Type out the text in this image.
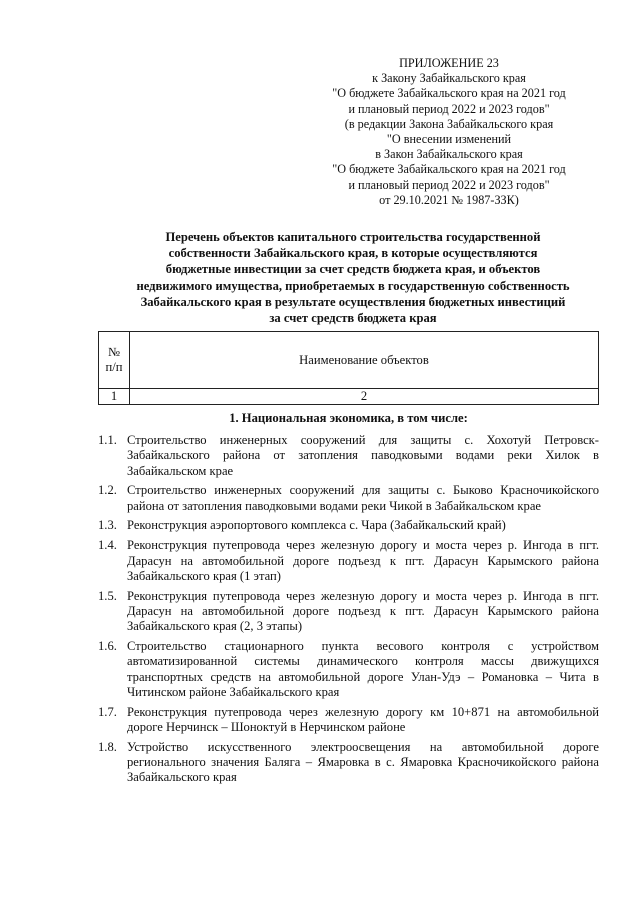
ПРИЛОЖЕНИЕ 23
к Закону Забайкальского края
"О бюджете Забайкальского края на 2021 год
и плановый период 2022 и 2023 годов"
(в редакции Закона Забайкальского края
"О внесении изменений
в Закон Забайкальского края
"О бюджете Забайкальского края на 2021 год
и плановый период 2022 и 2023 годов"
от 29.10.2021 № 1987-ЗЗК)
Перечень объектов капитального строительства государственной
собственности Забайкальского края, в которые осуществляются
бюджетные инвестиции за счет средств бюджета края, и объектов
недвижимого имущества, приобретаемых в государственную собственность
Забайкальского края в результате осуществления бюджетных инвестиций
за счет средств бюджета края
№
п/п	Наименование объектов
1	2
1. Национальная экономика, в том числе:
1.1. Строительство инженерных сооружений для защиты с. Хохотуй Петровск-Забайкальского района от затопления паводковыми водами реки Хилок в Забайкальском крае
1.2. Строительство инженерных сооружений для защиты с. Быково Красночикойского района от затопления паводковыми водами реки Чикой в Забайкальском крае
1.3. Реконструкция аэропортового комплекса с. Чара (Забайкальский край)
1.4. Реконструкция путепровода через железную дорогу и моста через р. Ингода в пгт. Дарасун на автомобильной дороге подъезд к пгт. Дарасун Карымского района Забайкальского края (1 этап)
1.5. Реконструкция путепровода через железную дорогу и моста через р. Ингода в пгт. Дарасун на автомобильной дороге подъезд к пгт. Дарасун Карымского района Забайкальского края (2, 3 этапы)
1.6. Строительство стационарного пункта весового контроля с устройством автоматизированной системы динамического контроля массы движущихся транспортных средств на автомобильной дороге Улан-Удэ – Романовка – Чита в Читинском районе Забайкальского края
1.7. Реконструкция путепровода через железную дорогу км 10+871 на автомобильной дороге Нерчинск – Шоноктуй в Нерчинском районе
1.8. Устройство искусственного электроосвещения на автомобильной дороге регионального значения Баляга – Ямаровка в с. Ямаровка Красночикойского района Забайкальского края
